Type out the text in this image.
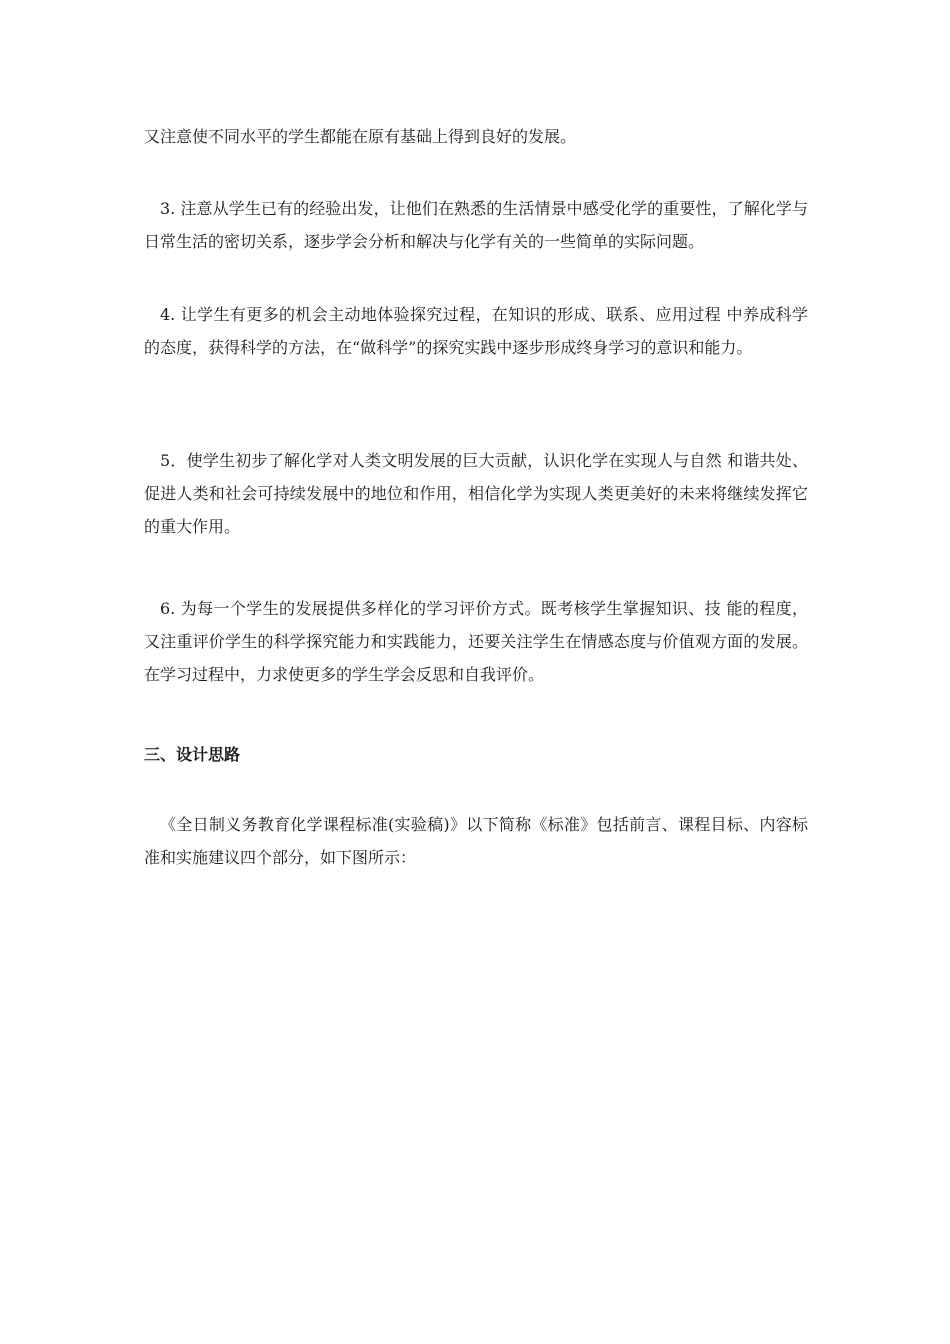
又注意使不同水平的学生都能在原有基础上得到良好的发展。

3. 注意从学生已有的经验出发，让他们在熟悉的生活情景中感受化学的重要性，了解化学与日常生活的密切关系，逐步学会分析和解决与化学有关的一些简单的实际问题。

4. 让学生有更多的机会主动地体验探究过程，在知识的形成、联系、应用过程 中养成科学的态度，获得科学的方法，在“做科学”的探究实践中逐步形成终身学习的意识和能力。

5．使学生初步了解化学对人类文明发展的巨大贡献，认识化学在实现人与自然 和谐共处、促进人类和社会可持续发展中的地位和作用，相信化学为实现人类更美好的未来将继续发挥它的重大作用。

6. 为每一个学生的发展提供多样化的学习评价方式。既考核学生掌握知识、技 能的程度，又注重评价学生的科学探究能力和实践能力，还要关注学生在情感态度与价值观方面的发展。在学习过程中，力求使更多的学生学会反思和自我评价。

三、设计思路

《全日制义务教育化学课程标准(实验稿)》以下简称《标准》包括前言、课程目标、内容标准和实施建议四个部分，如下图所示：
